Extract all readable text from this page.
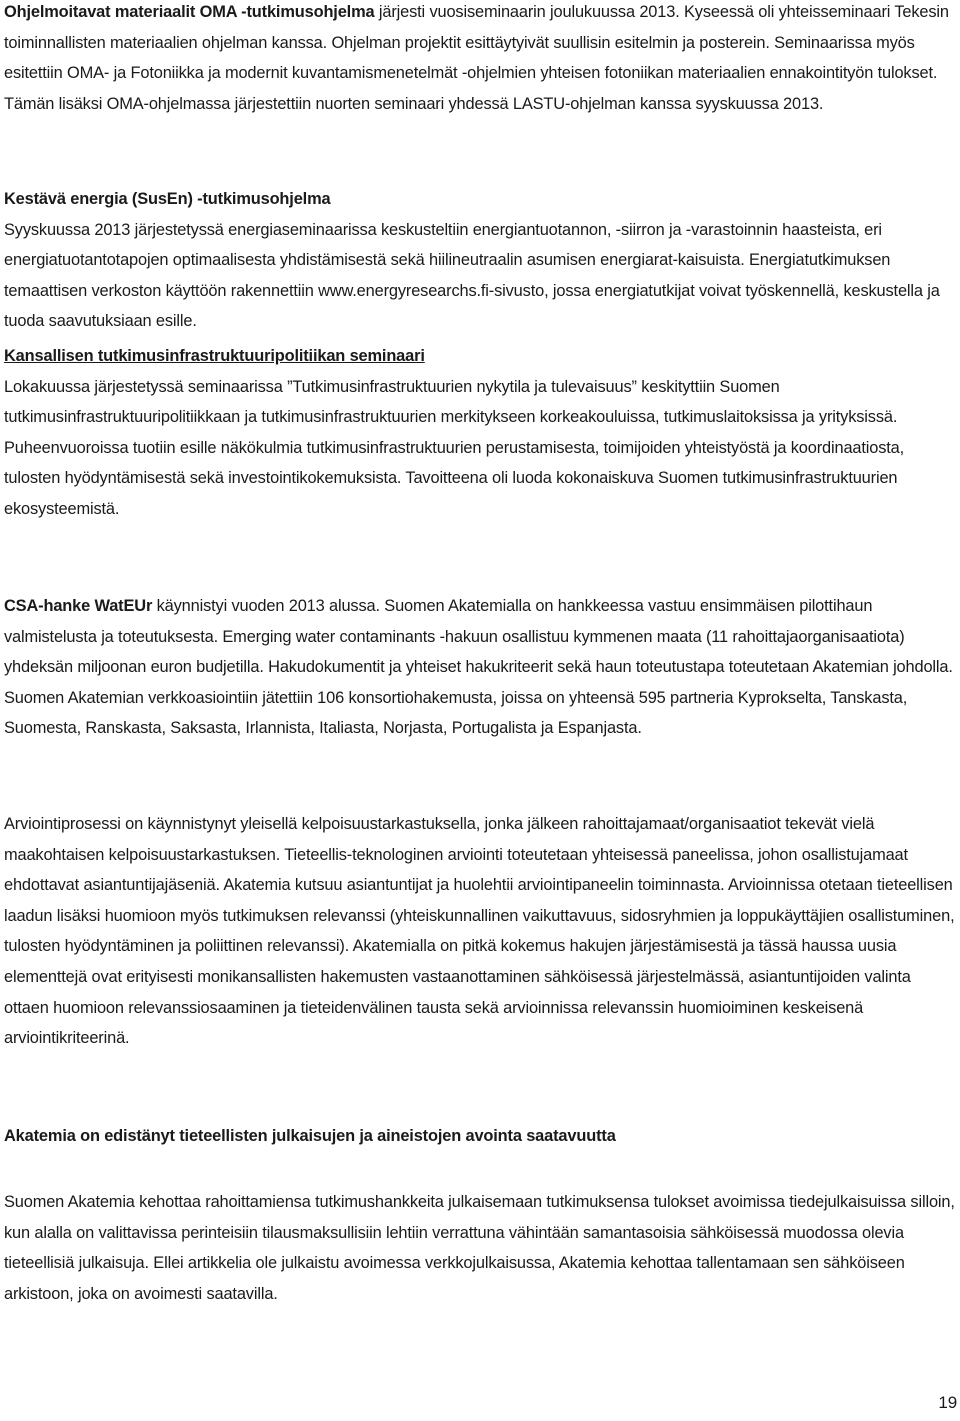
Ohjelmoitavat materiaalit OMA -tutkimusohjelma järjesti vuosiseminaarin joulukuussa 2013. Kyseessä oli yhteisseminaari Tekesin toiminnallisten materiaalien ohjelman kanssa. Ohjelman projektit esittäytyivät suullisin esitelmin ja posterein. Seminaarissa myös esitettiin OMA- ja Fotoniikka ja modernit kuvantamismenetelmät -ohjelmien yhteisen fotoniikan materiaalien ennakointityön tulokset. Tämän lisäksi OMA-ohjelmassa järjestettiin nuorten seminaari yhdessä LASTU-ohjelman kanssa syyskuussa 2013.

Kestävä energia (SusEn) -tutkimusohjelma
Syyskuussa 2013 järjestetyssä energiaseminaarissa keskusteltiin energiantuotannon, -siirron ja -varastoinnin haasteista, eri energiatuotantotapojen optimaalisesta yhdistämisestä sekä hiilineutraalin asumisen energiarat-kaisuista. Energiatutkimuksen temaattisen verkoston käyttöön rakennettiin www.energyresearchs.fi-sivusto, jossa energiatutkijat voivat työskennellä, keskustella ja tuoda saavutuksiaan esille.
Kansallisen tutkimusinfrastruktuuripolitiikan seminaari
Lokakuussa järjestetyssä seminaarissa ”Tutkimusinfrastruktuurien nykytila ja tulevaisuus” keskityttiin Suomen tutkimusinfrastruktuuripolitiikkaan ja tutkimusinfrastruktuurien merkitykseen korkeakouluissa, tutkimuslaitoksissa ja yrityksissä. Puheenvuoroissa tuotiin esille näkökulmia tutkimusinfrastruktuurien perustamisesta, toimijoiden yhteistyöstä ja koordinaatiosta, tulosten hyödyntämisestä sekä investointikokemuksista. Tavoitteena oli luoda kokonaiskuva Suomen tutkimusinfrastruktuurien ekosysteemistä.

CSA-hanke WatEUr käynnistyi vuoden 2013 alussa. Suomen Akatemialla on hankkeessa vastuu ensimmäisen pilottihaun valmistelusta ja toteutuksesta. Emerging water contaminants -hakuun osallistuu kymmenen maata (11 rahoittajaorganisaatiota) yhdeksän miljoonan euron budjetilla. Hakudokumentit ja yhteiset hakukriteerit sekä haun toteutustapa toteutetaan Akatemian johdolla. Suomen Akatemian verkkoasiointiin jätettiin 106 konsortiohakemusta, joissa on yhteensä 595 partneria Kyprokselta, Tanskasta, Suomesta, Ranskasta, Saksasta, Irlannista, Italiasta, Norjasta, Portugalista ja Espanjasta.

Arviointiprosessi on käynnistynyt yleisellä kelpoisuustarkastuksella, jonka jälkeen rahoittajamaat/organisaatiot tekevät vielä maakohtaisen kelpoisuustarkastuksen. Tieteellis-teknologinen arviointi toteutetaan yhteisessä paneelissa, johon osallistujamaat ehdottavat asiantuntijajäseniä. Akatemia kutsuu asiantuntijat ja huolehtii arviointipaneelin toiminnasta. Arvioinnissa otetaan tieteellisen laadun lisäksi huomioon myös tutkimuksen relevanssi (yhteiskunnallinen vaikuttavuus, sidosryhmien ja loppukäyttäjien osallistuminen, tulosten hyödyntäminen ja poliittinen relevanssi). Akatemialla on pitkä kokemus hakujen järjestämisestä ja tässä haussa uusia elementtejä ovat erityisesti monikansallisten hakemusten vastaanottaminen sähköisessä järjestelmässä, asiantuntijoiden valinta ottaen huomioon relevanssiosaaminen ja tieteidenvälinen tausta sekä arvioinnissa relevanssin huomioiminen keskeisenä arviointikriteerinä.

Akatemia on edistänyt tieteellisten julkaisujen ja aineistojen avointa saatavuutta

Suomen Akatemia kehottaa rahoittamiensa tutkimushankkeita julkaisemaan tutkimuksensa tulokset avoimissa tiedejulkaisuissa silloin, kun alalla on valittavissa perinteisiin tilausmaksullisiin lehtiin verrattuna vähintään samantasoisia sähköisessä muodossa olevia tieteellisiä julkaisuja. Ellei artikkelia ole julkaistu avoimessa verkkojulkaisussa, Akatemia kehottaa tallentamaan sen sähköiseen arkistoon, joka on avoimesti saatavilla.

19
